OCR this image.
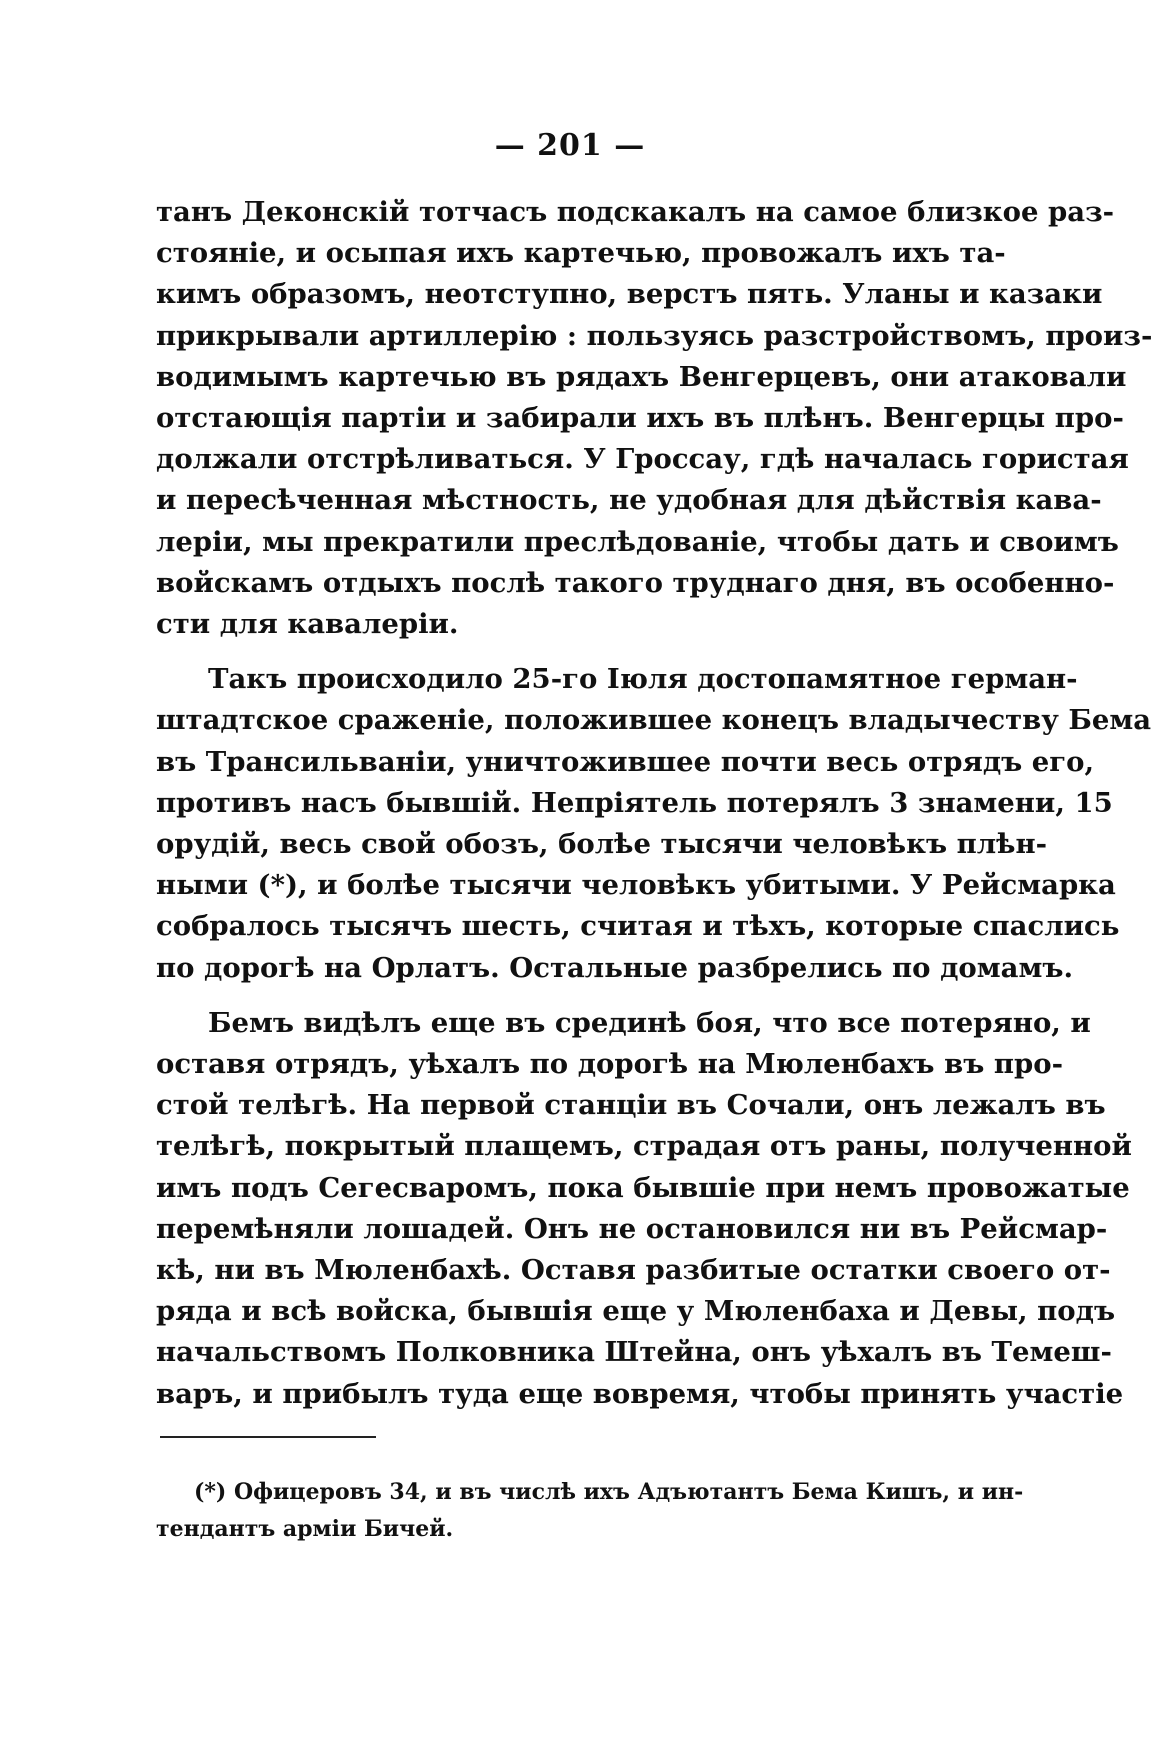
— 201 —
танъ Деконскій тотчасъ подскакалъ на самое близкое раз-
стояніе, и осыпая ихъ картечью, провожалъ ихъ та-
кимъ образомъ, неотступно, верстъ пять. Уланы и казаки
прикрывали артиллерію : пользуясь разстройствомъ, произ-
водимымъ картечью въ рядахъ Венгерцевъ, они атаковали
отстающія партіи и забирали ихъ въ плѣнъ. Венгерцы про-
должали отстрѣливаться. У Гроссау, гдѣ началась гористая
и пересѣченная мѣстность, не удобная для дѣйствія кава-
леріи, мы прекратили преслѣдованіе, чтобы дать и своимъ
войскамъ отдыхъ послѣ такого труднаго дня, въ особенно-
сти для кавалеріи.
Такъ происходило 25-го Іюля достопамятное герман-
штадтское сраженіе, положившее конецъ владычеству Бема
въ Трансильваніи, уничтожившее почти весь отрядъ его,
противъ насъ бывшій. Непріятель потерялъ 3 знамени, 15
орудій, весь свой обозъ, болѣе тысячи человѣкъ плѣн-
ными (*), и болѣе тысячи человѣкъ убитыми. У Рейсмарка
собралось тысячъ шесть, считая и тѣхъ, которые спаслись
по дорогѣ на Орлатъ. Остальные разбрелись по домамъ.
Бемъ видѣлъ еще въ срединѣ боя, что все потеряно, и
оставя отрядъ, уѣхалъ по дорогѣ на Мюленбахъ въ про-
стой телѣгѣ. На первой станціи въ Сочали, онъ лежалъ въ
телѣгѣ, покрытый плащемъ, страдая отъ раны, полученной
имъ подъ Сегесваромъ, пока бывшіе при немъ провожатые
перемѣняли лошадей. Онъ не остановился ни въ Рейсмар-
кѣ, ни въ Мюленбахѣ. Оставя разбитые остатки своего от-
ряда и всѣ войска, бывшія еще у Мюленбаха и Девы, подъ
начальствомъ Полковника Штейна, онъ уѣхалъ въ Темеш-
варъ, и прибылъ туда еще вовремя, чтобы принять участіе
(*) Офицеровъ 34, и въ числѣ ихъ Адъютантъ Бема Кишъ, и ин-
тендантъ арміи Бичей.
